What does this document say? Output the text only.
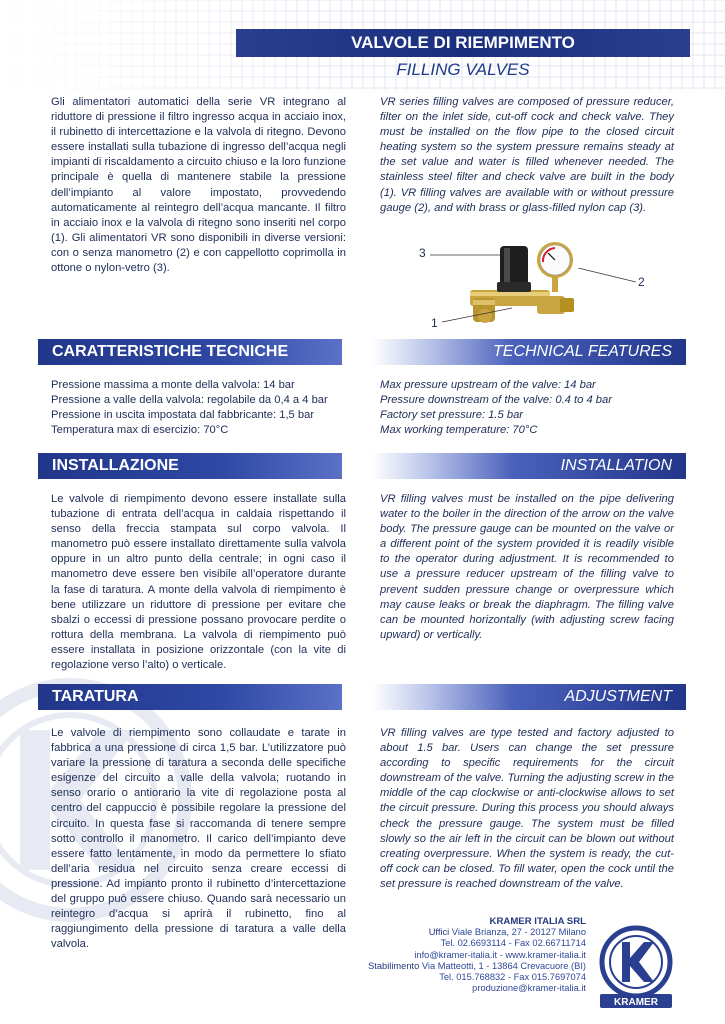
VALVOLE DI RIEMPIMENTO
FILLING VALVES
Gli alimentatori automatici della serie VR integrano al riduttore di pressione il filtro ingresso acqua in acciaio inox, il rubinetto di intercettazione e la valvola di ritegno. Devono essere installati sulla tubazione di ingresso dell’acqua negli impianti di riscaldamento a circuito chiuso e la loro funzione principale è quella di mantenere stabile la pressione dell’impianto al valore impostato, provvedendo automaticamente al reintegro dell’acqua mancante. Il filtro in acciaio inox e la valvola di ritegno sono inseriti nel corpo (1). Gli alimentatori VR sono disponibili in diverse versioni: con o senza manometro (2) e con cappellotto coprimolla in ottone o nylon-vetro (3).
VR series filling valves are composed of pressure reducer, filter on the inlet side, cut-off cock and check valve. They must be installed on the flow pipe to the closed circuit heating system so the system pressure remains steady at the set value and water is filled whenever needed. The stainless steel filter and check valve are built in the body (1). VR filling valves are available with or without pressure gauge (2), and with brass or glass-filled nylon cap (3).
3
2
1
CARATTERISTICHE TECNICHE	TECHNICAL FEATURES
Pressione massima a monte della valvola: 14 bar
Pressione a valle della valvola: regolabile da 0,4 a 4 bar
Pressione in uscita impostata dal fabbricante: 1,5 bar
Temperatura max di esercizio: 70°C
Max pressure upstream of the valve: 14 bar
Pressure downstream of the valve: 0.4 to 4 bar
Factory set pressure: 1.5 bar
Max working temperature: 70°C
INSTALLAZIONE	INSTALLATION
Le valvole di riempimento devono essere installate sulla tubazione di entrata dell’acqua in caldaia rispettando il senso della freccia stampata sul corpo valvola. Il manometro può essere installato direttamente sulla valvola oppure in un altro punto della centrale; in ogni caso il manometro deve essere ben visibile all’operatore durante la fase di taratura. A monte della valvola di riempimento è bene utilizzare un riduttore di pressione per evitare che sbalzi o eccessi di pressione possano provocare perdite o rottura della membrana. La valvola di riempimento può essere installata in posizione orizzontale (con la vite di regolazione verso l’alto) o verticale.
VR filling valves must be installed on the pipe delivering water to the boiler in the direction of the arrow on the valve body. The pressure gauge can be mounted on the valve or a different point of the system provided it is readily visible to the operator during adjustment. It is recommended to use a pressure reducer upstream of the filling valve to prevent sudden pressure change or overpressure which may cause leaks or break the diaphragm. The filling valve can be mounted horizontally (with adjusting screw facing upward) or vertically.
TARATURA	ADJUSTMENT
Le valvole di riempimento sono collaudate e tarate in fabbrica a una pressione di circa 1,5 bar. L’utilizzatore può variare la pressione di taratura a seconda delle specifiche esigenze del circuito a valle della valvola; ruotando in senso orario o antiorario la vite di regolazione posta al centro del cappuccio è possibile regolare la pressione del circuito. In questa fase si raccomanda di tenere sempre sotto controllo il manometro. Il carico dell’impianto deve essere fatto lentamente, in modo da permettere lo sfiato dell’aria residua nel circuito senza creare eccessi di pressione. Ad impianto pronto il rubinetto d’intercettazione del gruppo può essere chiuso. Quando sarà necessario un reintegro d’acqua si aprirà il rubinetto, fino al raggiungimento della pressione di taratura a valle della valvola.
VR filling valves are type tested and factory adjusted to about 1.5 bar. Users can change the set pressure according to specific requirements for the circuit downstream of the valve. Turning the adjusting screw in the middle of the cap clockwise or anti-clockwise allows to set the circuit pressure. During this process you should always check the pressure gauge. The system must be filled slowly so the air left in the circuit can be blown out without creating overpressure. When the system is ready, the cut-off cock can be closed. To fill water, open the cock until the set pressure is reached downstream of the valve.
KRAMER ITALIA SRL
Uffici Viale Brianza, 27 - 20127 Milano
Tel. 02.6693114 - Fax 02.66711714
info@kramer-italia.it - www.kramer-italia.it
Stabilimento Via Matteotti, 1 - 13864 Crevacuore (BI)
Tel. 015.768832 - Fax 015.7697074
produzione@kramer-italia.it
KRAMER
